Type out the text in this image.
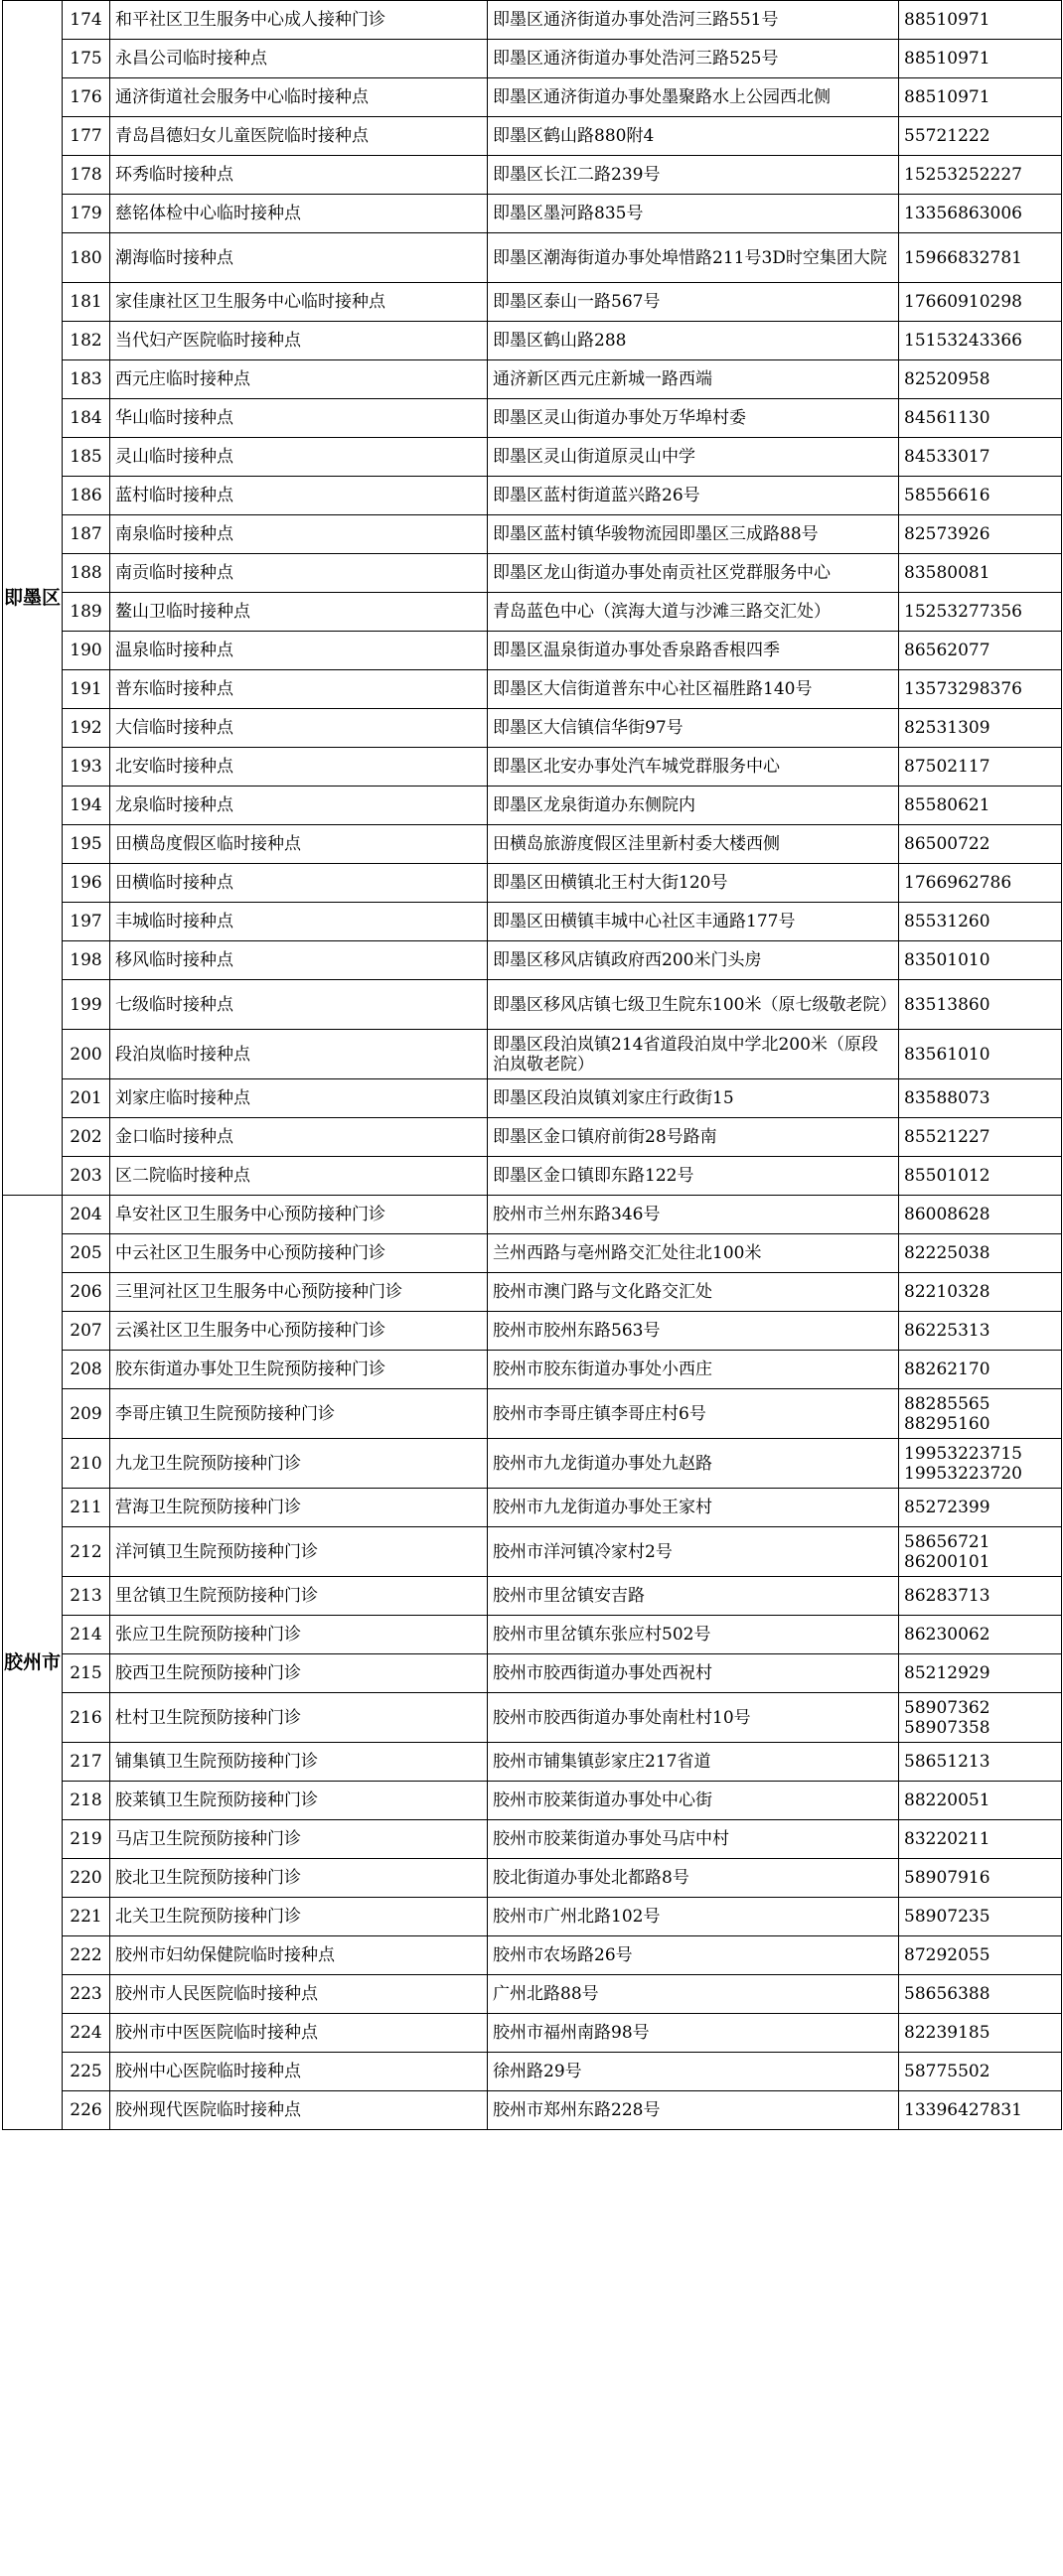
即墨区	174	和平社区卫生服务中心成人接种门诊	即墨区通济街道办事处浩河三路551号	88510971
	175	永昌公司临时接种点	即墨区通济街道办事处浩河三路525号	88510971
	176	通济街道社会服务中心临时接种点	即墨区通济街道办事处墨聚路水上公园西北侧	88510971
	177	青岛昌德妇女儿童医院临时接种点	即墨区鹤山路880附4	55721222
	178	环秀临时接种点	即墨区长江二路239号	15253252227
	179	慈铭体检中心临时接种点	即墨区墨河路835号	13356863006
	180	潮海临时接种点	即墨区潮海街道办事处埠惜路211号3D时空集团大院	15966832781
	181	家佳康社区卫生服务中心临时接种点	即墨区泰山一路567号	17660910298
	182	当代妇产医院临时接种点	即墨区鹤山路288	15153243366
	183	西元庄临时接种点	通济新区西元庄新城一路西端	82520958
	184	华山临时接种点	即墨区灵山街道办事处万华埠村委	84561130
	185	灵山临时接种点	即墨区灵山街道原灵山中学	84533017
	186	蓝村临时接种点	即墨区蓝村街道蓝兴路26号	58556616
	187	南泉临时接种点	即墨区蓝村镇华骏物流园即墨区三成路88号	82573926
	188	南贡临时接种点	即墨区龙山街道办事处南贡社区党群服务中心	83580081
	189	鳌山卫临时接种点	青岛蓝色中心（滨海大道与沙滩三路交汇处）	15253277356
	190	温泉临时接种点	即墨区温泉街道办事处香泉路香根四季	86562077
	191	普东临时接种点	即墨区大信街道普东中心社区福胜路140号	13573298376
	192	大信临时接种点	即墨区大信镇信华街97号	82531309
	193	北安临时接种点	即墨区北安办事处汽车城党群服务中心	87502117
	194	龙泉临时接种点	即墨区龙泉街道办东侧院内	85580621
	195	田横岛度假区临时接种点	田横岛旅游度假区洼里新村委大楼西侧	86500722
	196	田横临时接种点	即墨区田横镇北王村大街120号	1766962786
	197	丰城临时接种点	即墨区田横镇丰城中心社区丰通路177号	85531260
	198	移风临时接种点	即墨区移风店镇政府西200米门头房	83501010
	199	七级临时接种点	即墨区移风店镇七级卫生院东100米（原七级敬老院）	83513860
	200	段泊岚临时接种点	即墨区段泊岚镇214省道段泊岚中学北200米（原段泊岚敬老院）	83561010
	201	刘家庄临时接种点	即墨区段泊岚镇刘家庄行政街15	83588073
	202	金口临时接种点	即墨区金口镇府前街28号路南	85521227
	203	区二院临时接种点	即墨区金口镇即东路122号	85501012
胶州市	204	阜安社区卫生服务中心预防接种门诊	胶州市兰州东路346号	86008628
	205	中云社区卫生服务中心预防接种门诊	兰州西路与亳州路交汇处往北100米	82225038
	206	三里河社区卫生服务中心预防接种门诊	胶州市澳门路与文化路交汇处	82210328
	207	云溪社区卫生服务中心预防接种门诊	胶州市胶州东路563号	86225313
	208	胶东街道办事处卫生院预防接种门诊	胶州市胶东街道办事处小西庄	88262170
	209	李哥庄镇卫生院预防接种门诊	胶州市李哥庄镇李哥庄村6号	88285565
88295160
	210	九龙卫生院预防接种门诊	胶州市九龙街道办事处九赵路	19953223715
19953223720
	211	营海卫生院预防接种门诊	胶州市九龙街道办事处王家村	85272399
	212	洋河镇卫生院预防接种门诊	胶州市洋河镇冷家村2号	58656721
86200101
	213	里岔镇卫生院预防接种门诊	胶州市里岔镇安吉路	86283713
	214	张应卫生院预防接种门诊	胶州市里岔镇东张应村502号	86230062
	215	胶西卫生院预防接种门诊	胶州市胶西街道办事处西祝村	85212929
	216	杜村卫生院预防接种门诊	胶州市胶西街道办事处南杜村10号	58907362
58907358
	217	铺集镇卫生院预防接种门诊	胶州市铺集镇彭家庄217省道	58651213
	218	胶莱镇卫生院预防接种门诊	胶州市胶莱街道办事处中心街	88220051
	219	马店卫生院预防接种门诊	胶州市胶莱街道办事处马店中村	83220211
	220	胶北卫生院预防接种门诊	胶北街道办事处北都路8号	58907916
	221	北关卫生院预防接种门诊	胶州市广州北路102号	58907235
	222	胶州市妇幼保健院临时接种点	胶州市农场路26号	87292055
	223	胶州市人民医院临时接种点	广州北路88号	58656388
	224	胶州市中医医院临时接种点	胶州市福州南路98号	82239185
	225	胶州中心医院临时接种点	徐州路29号	58775502
	226	胶州现代医院临时接种点	胶州市郑州东路228号	13396427831
